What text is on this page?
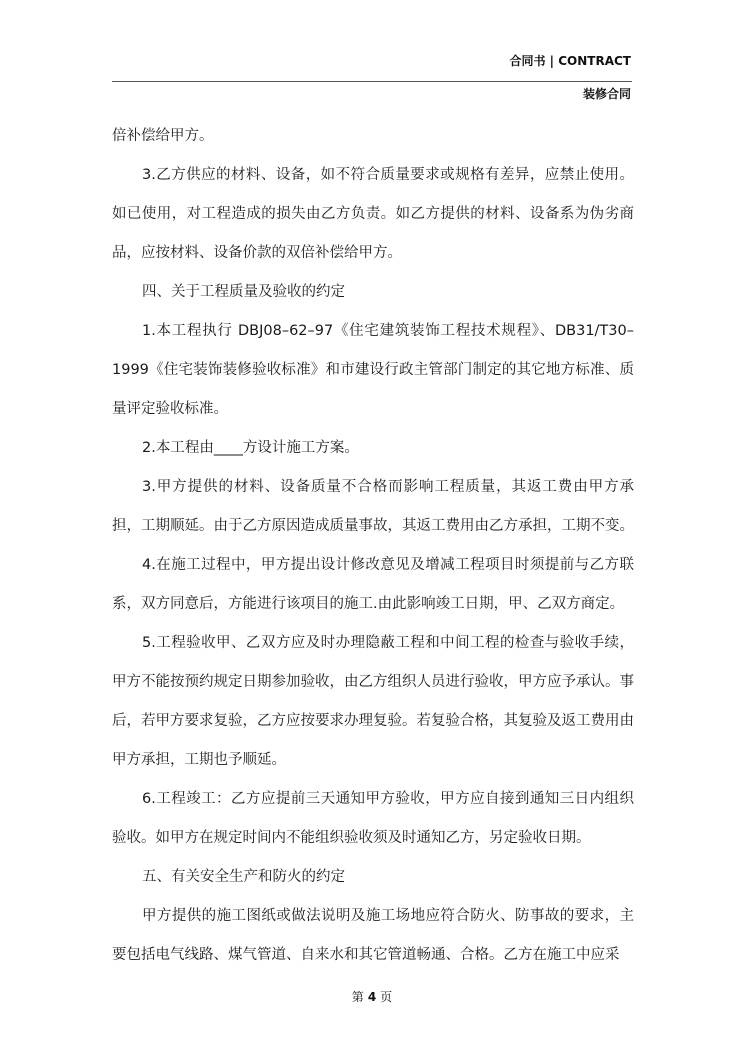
合同书 | CONTRACT
装修合同

倍补偿给甲方。

3.乙方供应的材料、设备，如不符合质量要求或规格有差异，应禁止使用。如已使用，对工程造成的损失由乙方负责。如乙方提供的材料、设备系为伪劣商品，应按材料、设备价款的双倍补偿给甲方。

四、关于工程质量及验收的约定

1.本工程执行 DBJ08–62–97《住宅建筑装饰工程技术规程》、DB31/T30–1999《住宅装饰装修验收标准》和市建设行政主管部门制定的其它地方标准、质量评定验收标准。

2.本工程由____方设计施工方案。

3.甲方提供的材料、设备质量不合格而影响工程质量，其返工费由甲方承担，工期顺延。由于乙方原因造成质量事故，其返工费用由乙方承担，工期不变。

4.在施工过程中，甲方提出设计修改意见及增减工程项目时须提前与乙方联系，双方同意后，方能进行该项目的施工.由此影响竣工日期，甲、乙双方商定。

5.工程验收甲、乙双方应及时办理隐蔽工程和中间工程的检查与验收手续，甲方不能按预约规定日期参加验收，由乙方组织人员进行验收，甲方应予承认。事后，若甲方要求复验，乙方应按要求办理复验。若复验合格，其复验及返工费用由甲方承担，工期也予顺延。

6.工程竣工：乙方应提前三天通知甲方验收，甲方应自接到通知三日内组织验收。如甲方在规定时间内不能组织验收须及时通知乙方，另定验收日期。

五、有关安全生产和防火的约定

甲方提供的施工图纸或做法说明及施工场地应符合防火、防事故的要求，主要包括电气线路、煤气管道、自来水和其它管道畅通、合格。乙方在施工中应采

第 4 页
